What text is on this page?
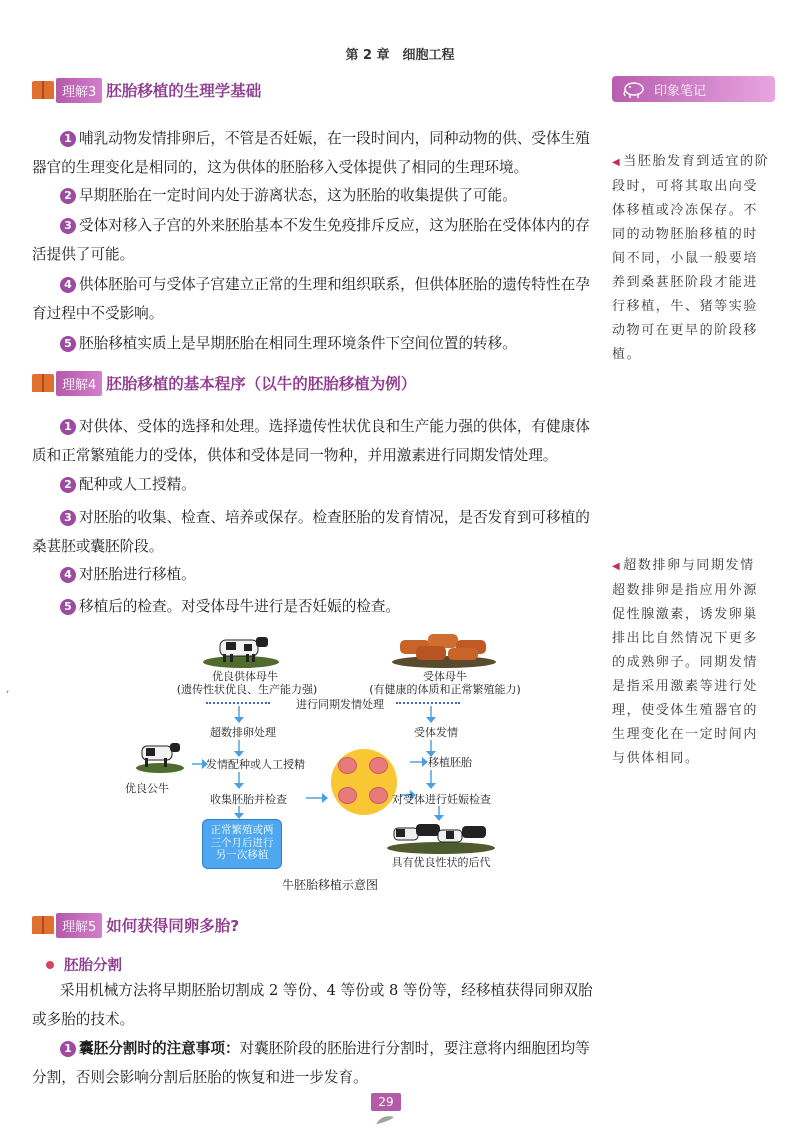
第 2 章　细胞工程
理解3 胚胎移植的生理学基础
1 哺乳动物发情排卵后，不管是否妊娠，在一段时间内，同种动物的供、受体生殖器官的生理变化是相同的，这为供体的胚胎移入受体提供了相同的生理环境。
2 早期胚胎在一定时间内处于游离状态，这为胚胎的收集提供了可能。
3 受体对移入子宫的外来胚胎基本不发生免疫排斥反应，这为胚胎在受体体内的存活提供了可能。
4 供体胚胎可与受体子宫建立正常的生理和组织联系，但供体胚胎的遗传特性在孕育过程中不受影响。
5 胚胎移植实质上是早期胚胎在相同生理环境条件下空间位置的转移。
理解4 胚胎移植的基本程序（以牛的胚胎移植为例）
1 对供体、受体的选择和处理。选择遗传性状优良和生产能力强的供体，有健康体质和正常繁殖能力的受体，供体和受体是同一物种，并用激素进行同期发情处理。
2 配种或人工授精。
3 对胚胎的收集、检查、培养或保存。检查胚胎的发育情况，是否发育到可移植的桑葚胚或囊胚阶段。
4 对胚胎进行移植。
5 移植后的检查。对受体母牛进行是否妊娠的检查。
,
优良供体母牛
(遗传性状优良、生产能力强)
受体母牛
(有健康的体质和正常繁殖能力)
进行同期发情处理
超数排卵处理	受体发情
优良公牛
发情配种或人工授精	移植胚胎
收集胚胎并检查	对受体进行妊娠检查
正常繁殖或两
三个月后进行
另一次移植
具有优良性状的后代
牛胚胎移植示意图
理解5 如何获得同卵多胎?
胚胎分割
采用机械方法将早期胚胎切割成 2 等份、4 等份或 8 等份等，经移植获得同卵双胎或多胎的技术。
1 囊胚分割时的注意事项：对囊胚阶段的胚胎进行分割时，要注意将内细胞团均等分割，否则会影响分割后胚胎的恢复和进一步发育。
印象笔记
◀ 当胚胎发育到适宜的阶段时，可将其取出向受体移植或冷冻保存。不同的动物胚胎移植的时间不同，小鼠一般要培养到桑葚胚阶段才能进行移植，牛、猪等实验动物可在更早的阶段移植。
◀ 超数排卵与同期发情
超数排卵是指应用外源促性腺激素，诱发卵巢排出比自然情况下更多的成熟卵子。同期发情是指采用激素等进行处理，使受体生殖器官的生理变化在一定时间内与供体相同。
29
